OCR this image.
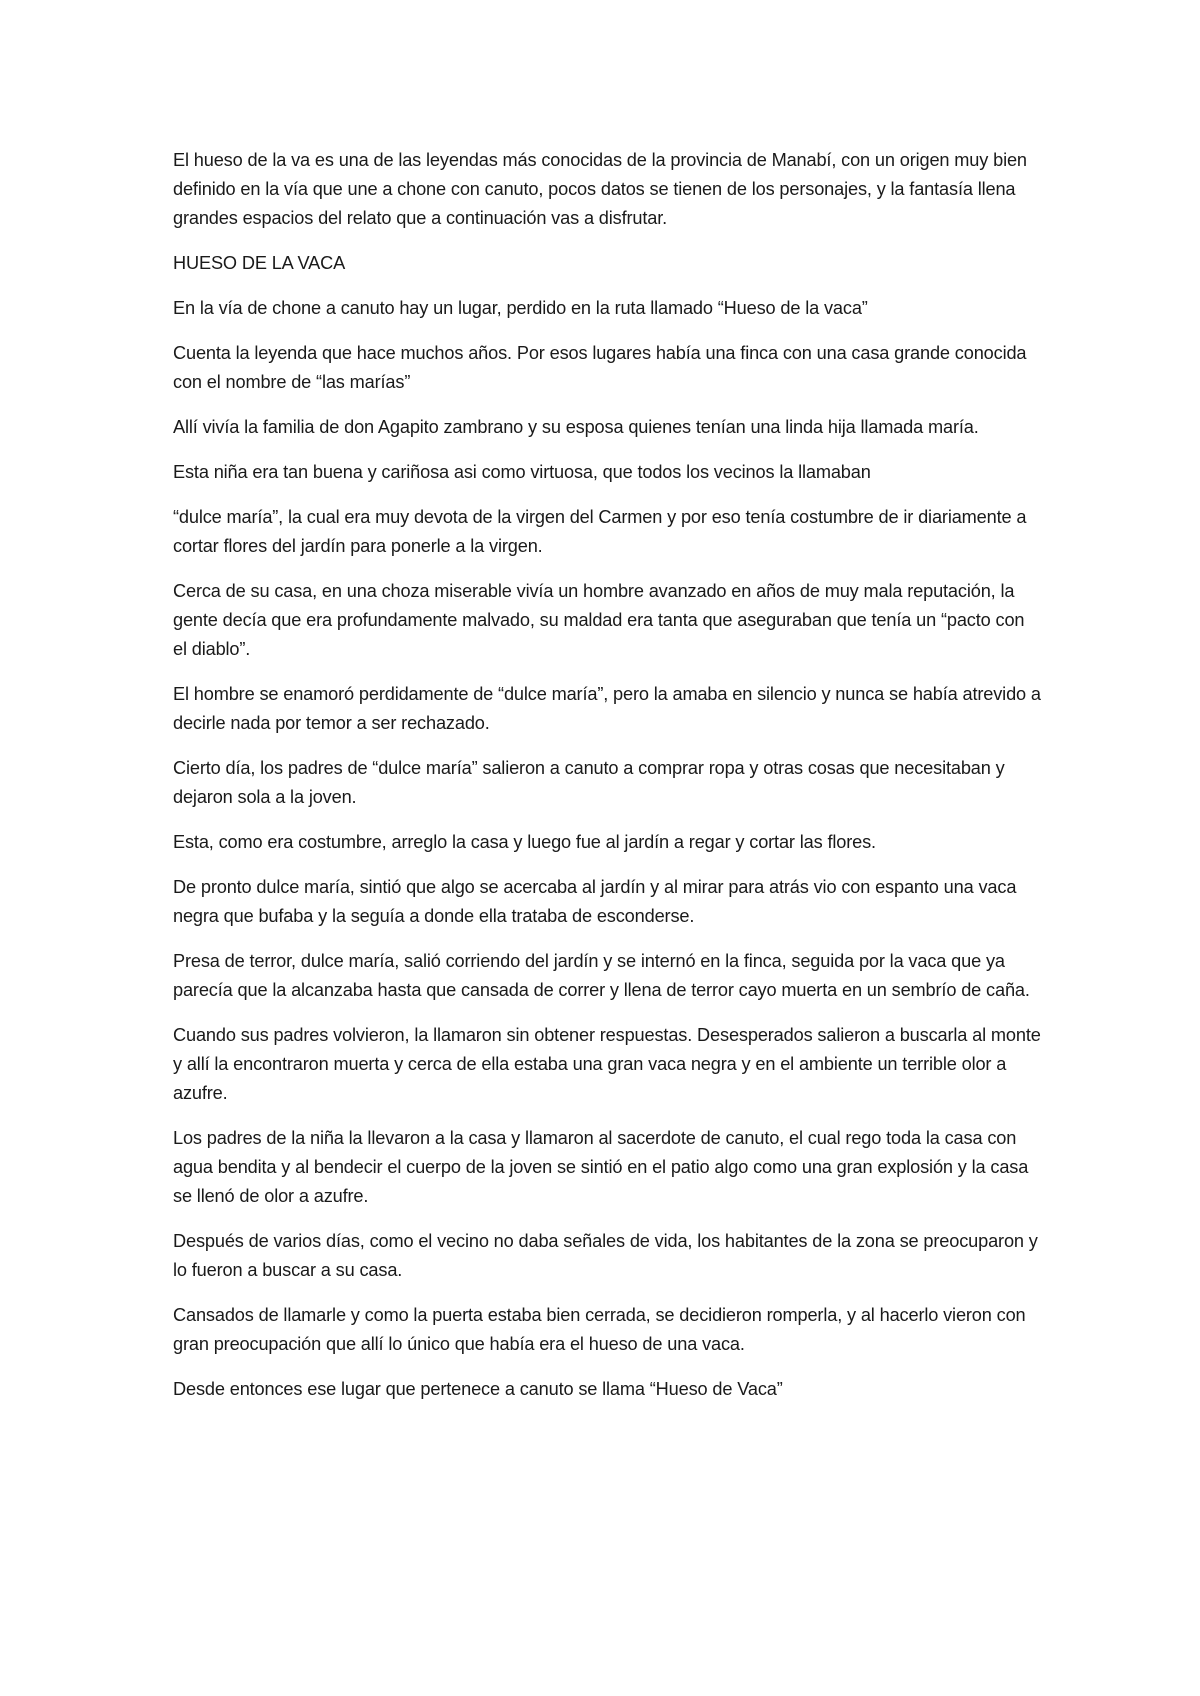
El hueso de la va es una de las leyendas más conocidas de la provincia de Manabí, con un origen muy bien definido en la vía que une a chone con canuto, pocos datos se tienen de los personajes, y la fantasía llena grandes espacios del relato que a continuación vas a disfrutar.

HUESO DE LA VACA

En la vía de chone a canuto hay un lugar, perdido en la ruta llamado “Hueso de la vaca”

Cuenta la leyenda que hace muchos años. Por esos lugares había una finca con una casa grande conocida con el nombre de “las marías”

Allí vivía la familia de don Agapito zambrano y su esposa quienes tenían una linda hija llamada maría.

Esta niña era tan buena y cariñosa asi como virtuosa, que todos los vecinos la llamaban

“dulce maría”, la cual era muy devota de la virgen del Carmen y por eso tenía costumbre de ir diariamente a cortar flores del jardín para ponerle a la virgen.

Cerca de su casa, en una choza miserable vivía un hombre avanzado en años de muy mala reputación, la gente decía que era profundamente malvado, su maldad era tanta que aseguraban que tenía un “pacto con el diablo”.

El hombre se enamoró perdidamente de “dulce maría”, pero la amaba en silencio y nunca se había atrevido a decirle nada por temor a ser rechazado.

Cierto día, los padres de “dulce maría” salieron a canuto a comprar ropa y otras cosas que necesitaban y dejaron sola a la joven.

Esta, como era costumbre, arreglo la casa y luego fue al jardín a regar y cortar las flores.

De pronto dulce maría, sintió que algo se acercaba al jardín y al mirar para atrás vio con espanto una vaca negra que bufaba y la seguía a donde ella trataba de esconderse.

Presa de terror, dulce maría, salió corriendo del jardín y se internó en la finca, seguida por la vaca que ya parecía que la alcanzaba hasta que cansada de correr y llena de terror cayo muerta en un sembrío de caña.

Cuando sus padres volvieron, la llamaron sin obtener respuestas. Desesperados salieron a buscarla al monte y allí la encontraron muerta y cerca de ella estaba una gran vaca negra y en el ambiente un terrible olor a azufre.

Los padres de la niña la llevaron a la casa y llamaron al sacerdote de canuto, el cual rego toda la casa con agua bendita y al bendecir el cuerpo de la joven se sintió en el patio algo como una gran explosión y la casa se llenó de olor a azufre.

Después de varios días, como el vecino no daba señales de vida, los habitantes de la zona se preocuparon y lo fueron a buscar a su casa.

Cansados de llamarle y como la puerta estaba bien cerrada, se decidieron romperla, y al hacerlo vieron con gran preocupación que allí lo único que había era el hueso de una vaca.

Desde entonces ese lugar que pertenece a canuto se llama “Hueso de Vaca”
